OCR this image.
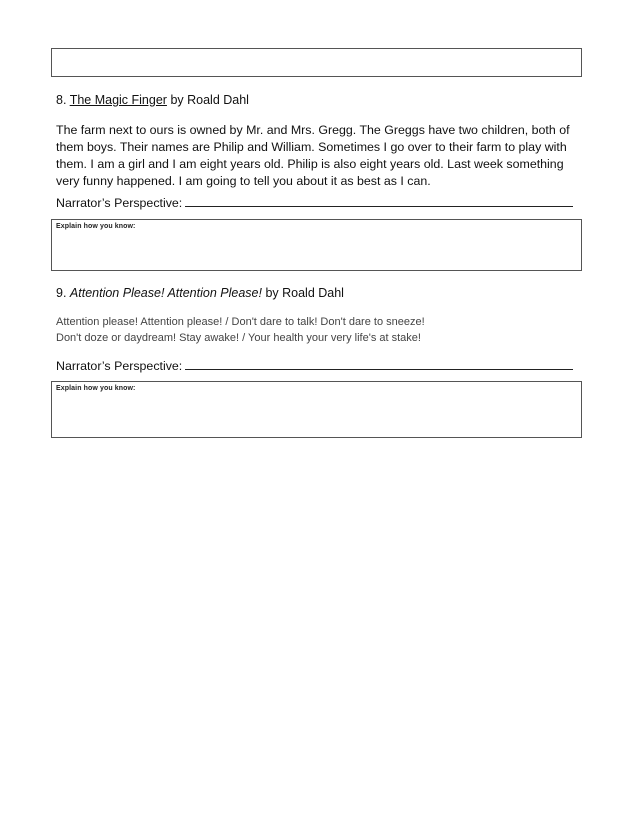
8. The Magic Finger by Roald Dahl
The farm next to ours is owned by Mr. and Mrs. Gregg. The Greggs have two children, both of
them boys. Their names are Philip and William. Sometimes I go over to their farm to play with
them. I am a girl and I am eight years old. Philip is also eight years old. Last week something
very funny happened. I am going to tell you about it as best as I can.
Narrator’s Perspective:
Explain how you know:
9. Attention Please! Attention Please! by Roald Dahl
Attention please! Attention please! / Don't dare to talk! Don't dare to sneeze!
Don't doze or daydream! Stay awake! / Your health your very life's at stake!
Narrator’s Perspective:
Explain how you know:
